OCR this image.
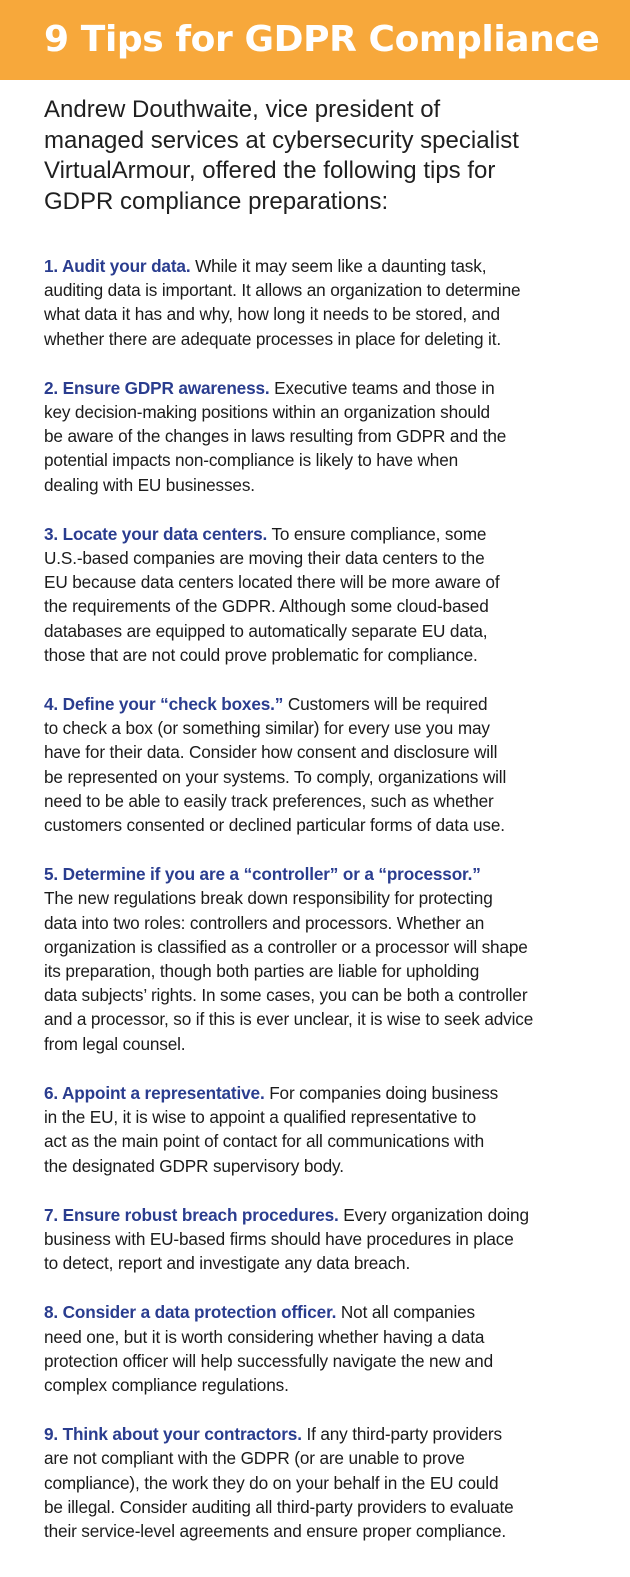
9 Tips for GDPR Compliance

Andrew Douthwaite, vice president of
managed services at cybersecurity specialist
VirtualArmour, offered the following tips for
GDPR compliance preparations:

1. Audit your data. While it may seem like a daunting task,
auditing data is important. It allows an organization to determine
what data it has and why, how long it needs to be stored, and
whether there are adequate processes in place for deleting it.
2. Ensure GDPR awareness. Executive teams and those in
key decision-making positions within an organization should
be aware of the changes in laws resulting from GDPR and the
potential impacts non-compliance is likely to have when
dealing with EU businesses.
3. Locate your data centers. To ensure compliance, some
U.S.-based companies are moving their data centers to the
EU because data centers located there will be more aware of
the requirements of the GDPR. Although some cloud-based
databases are equipped to automatically separate EU data,
those that are not could prove problematic for compliance.
4. Define your “check boxes.” Customers will be required
to check a box (or something similar) for every use you may
have for their data. Consider how consent and disclosure will
be represented on your systems. To comply, organizations will
need to be able to easily track preferences, such as whether
customers consented or declined particular forms of data use.
5. Determine if you are a “controller” or a “processor.”
The new regulations break down responsibility for protecting
data into two roles: controllers and processors. Whether an
organization is classified as a controller or a processor will shape
its preparation, though both parties are liable for upholding
data subjects’ rights. In some cases, you can be both a controller
and a processor, so if this is ever unclear, it is wise to seek advice
from legal counsel.
6. Appoint a representative. For companies doing business
in the EU, it is wise to appoint a qualified representative to
act as the main point of contact for all communications with
the designated GDPR supervisory body.
7. Ensure robust breach procedures. Every organization doing
business with EU-based firms should have procedures in place
to detect, report and investigate any data breach.
8. Consider a data protection officer. Not all companies
need one, but it is worth considering whether having a data
protection officer will help successfully navigate the new and
complex compliance regulations.
9. Think about your contractors. If any third-party providers
are not compliant with the GDPR (or are unable to prove
compliance), the work they do on your behalf in the EU could
be illegal. Consider auditing all third-party providers to evaluate
their service-level agreements and ensure proper compliance.
